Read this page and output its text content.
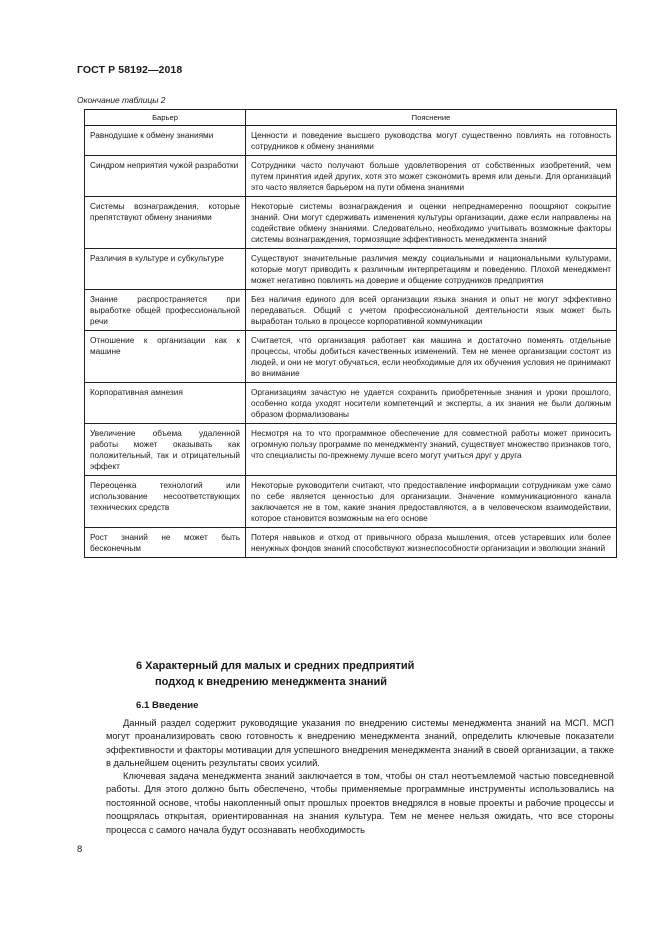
ГОСТ Р 58192—2018
Окончание таблицы 2
Барьер	Пояснение
Равнодушие к обмену знаниями	Ценности и поведение высшего руководства могут существенно повлиять на готовность сотрудников к обмену знаниями
Синдром неприятия чужой разработки	Сотрудники часто получают больше удовлетворения от собственных изобретений, чем путем принятия идей других, хотя это может сэкономить время или деньги. Для организаций это часто является барьером на пути обмена знаниями
Системы вознаграждения, которые препятствуют обмену знаниями	Некоторые системы вознаграждения и оценки непреднамеренно поощряют сокрытие знаний. Они могут сдерживать изменения культуры организации, даже если направлены на содействие обмену знаниями. Следовательно, необходимо учитывать возможные факторы системы вознаграждения, тормозящие эффективность менеджмента знаний
Различия в культуре и субкультуре	Существуют значительные различия между социальными и национальными культурами, которые могут приводить к различным интерпретациям и поведению. Плохой менеджмент может негативно повлиять на доверие и общение сотрудников предприятия
Знание распространяется при выработке общей профессиональной речи	Без наличия единого для всей организации языка знания и опыт не могут эффективно передаваться. Общий с учетом профессиональной деятельности язык может быть выработан только в процессе корпоративной коммуникации
Отношение к организации как к машине	Считается, что организация работает как машина и достаточно поменять отдельные процессы, чтобы добиться качественных изменений. Тем не менее организации состоят из людей, и они не могут обучаться, если необходимые для их обучения условия не принимают во внимание
Корпоративная амнезия	Организациям зачастую не удается сохранить приобретенные знания и уроки прошлого, особенно когда уходят носители компетенций и эксперты, а их знания не были должным образом формализованы
Увеличение объема удаленной работы может оказывать как положительный, так и отрицательный эффект	Несмотря на то что программное обеспечение для совместной работы может приносить огромную пользу программе по менеджменту знаний, существует множество признаков того, что специалисты по-прежнему лучше всего могут учиться друг у друга
Переоценка технологий или использование несоответствующих технических средств	Некоторые руководители считают, что предоставление информации сотрудникам уже само по себе является ценностью для организации. Значение коммуникационного канала заключается не в том, какие знания предоставляются, а в человеческом взаимодействии, которое становится возможным на его основе
Рост знаний не может быть бесконечным	Потеря навыков и отход от привычного образа мышления, отсев устаревших или более ненужных фондов знаний способствуют жизнеспособности организации и эволюции знаний
6 Характерный для малых и средних предприятий
подход к внедрению менеджмента знаний
6.1 Введение

Данный раздел содержит руководящие указания по внедрению системы менеджмента знаний на МСП. МСП могут проанализировать свою готовность к внедрению менеджмента знаний, определить ключевые показатели эффективности и факторы мотивации для успешного внедрения менеджмента знаний в своей организации, а также в дальнейшем оценить результаты своих усилий.

Ключевая задача менеджмента знаний заключается в том, чтобы он стал неотъемлемой частью повседневной работы. Для этого должно быть обеспечено, чтобы применяемые программные инструменты использовались на постоянной основе, чтобы накопленный опыт прошлых проектов внедрялся в новые проекты и рабочие процессы и поощрялась открытая, ориентированная на знания культура. Тем не менее нельзя ожидать, что все стороны процесса с самого начала будут осознавать необходимость

8
